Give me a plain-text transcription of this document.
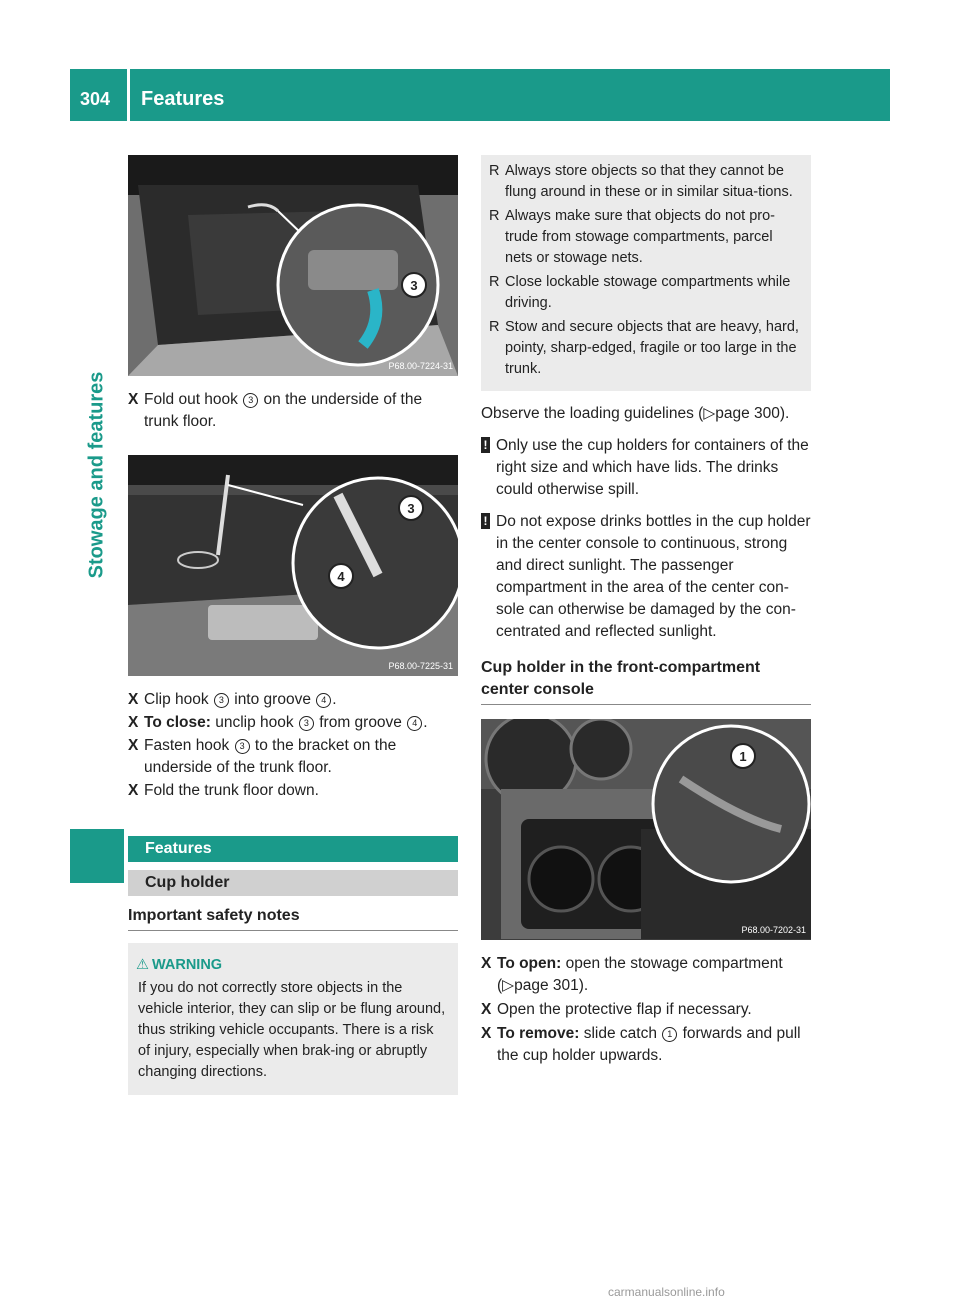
304 Features
Stowage and features
3
P68.00-7224-31

X Fold out hook 3 on the underside of the trunk floor.

3
4
P68.00-7225-31

X Clip hook 3 into groove 4 .

X To close: unclip hook 3 from groove 4 .

X Fasten hook 3 to the bracket on the underside of the trunk floor.

X Fold the trunk floor down.

Features
Cup holder
Important safety notes
⚠ WARNING
If you do not correctly store objects in the vehicle interior, they can slip or be flung around, thus striking vehicle occupants. There is a risk of injury, especially when brak-ing or abruptly changing directions.
R Always store objects so that they cannot be flung around in these or in similar situa-tions.
R Always make sure that objects do not pro-trude from stowage compartments, parcel nets or stowage nets.
R Close lockable stowage compartments while driving.
R Stow and secure objects that are heavy, hard, pointy, sharp-edged, fragile or too large in the trunk.
Observe the loading guidelines (▷page 300).
! Only use the cup holders for containers of the right size and which have lids. The drinks could otherwise spill.
! Do not expose drinks bottles in the cup holder in the center console to continuous, strong and direct sunlight. The passenger compartment in the area of the center con-sole can otherwise be damaged by the con-centrated and reflected sunlight.
Cup holder in the front-compartment center console
1
P68.00-7202-31

X To open: open the stowage compartment (▷page 301).

X Open the protective flap if necessary.

X To remove: slide catch 1 forwards and pull the cup holder upwards.

carmanualsonline.info
